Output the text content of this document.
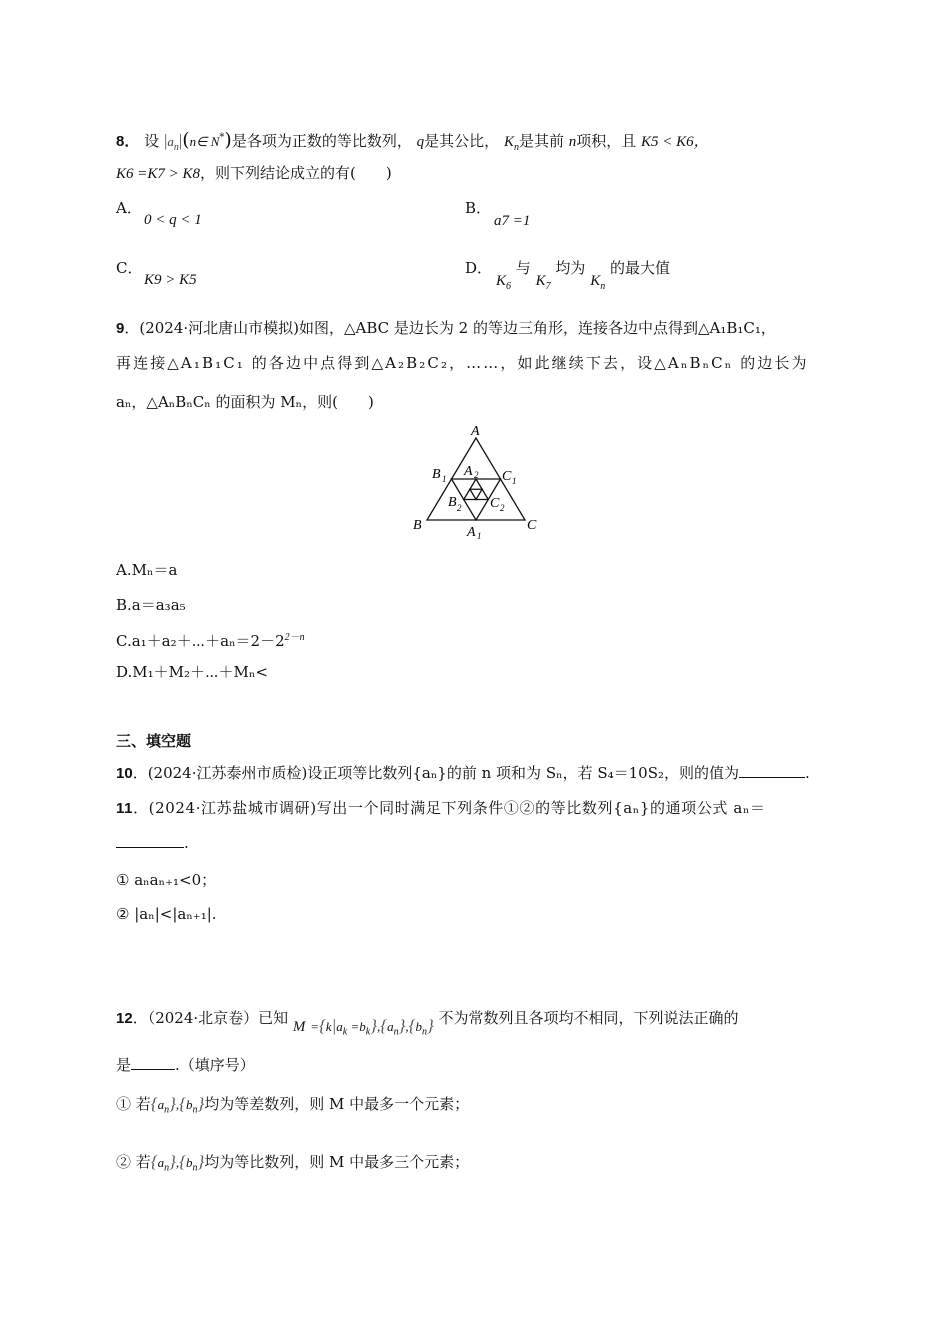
8． 设 $|a_n|(n\in$ N*)是各项为正数的等比数列， q是其公比， $K_n$是其前 n项积，且 K5 < K6，
K6 =K7 > K8，则下列结论成立的有(　　)
A．
0 < q < 1
B．
a7 =1
C．
K9 > K5
D．
$K_6$ 与 $K_7$ 均为 $K_n$ 的最大值
9．(2024·河北唐山市模拟)如图，△ABC 是边长为 2 的等边三角形，连接各边中点得到△A₁B₁C₁，
再连接△A₁B₁C₁ 的各边中点得到△A₂B₂C₂，……，如此继续下去，设△AₙBₙCₙ 的边长为
aₙ，△AₙBₙCₙ 的面积为 Mₙ，则(　　)
A
B	C
B 1	C 1
A 2
B 2 C 2
A 1
A.Mₙ＝a
B.a＝a₃a₅
$C.a_1+a_2+\cdots+a_n=2-2^{2-n}$
D.M₁＋M₂＋⋯＋Mₙ<
三、填空题
10．(2024·江苏泰州市质检)设正项等比数列{aₙ}的前 n 项和为 Sₙ，若 S₄＝10S₂，则的值为	.
11．(2024·江苏盐城市调研)写出一个同时满足下列条件①②的等比数列{aₙ}的通项公式 aₙ＝
.
① aₙaₙ₊₁<0；
② |aₙ|<|aₙ₊₁|.
12．（2024·北京卷）已知 $M =\{k|a_k =b_k\},\{a_n\},\{b_n\}$ 不为常数列且各项均不相同，下列说法正确的
是	.（填序号）
① 若$\{a_n\},\{b_n\}$均为等差数列，则 M 中最多一个元素；
② 若$\{a_n\},\{b_n\}$均为等比数列，则 M 中最多三个元素；
